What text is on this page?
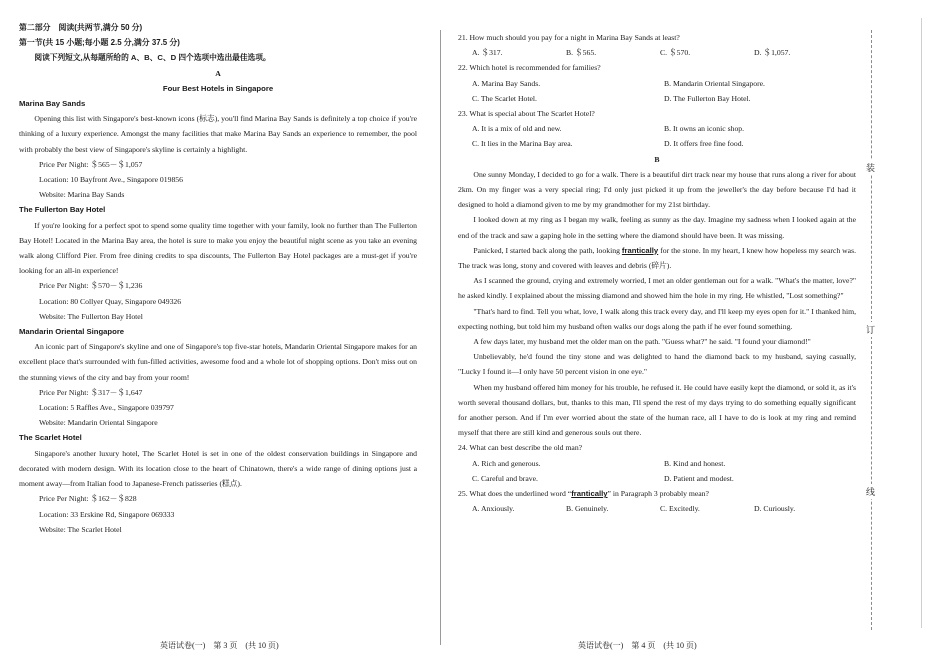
第二部分　阅读(共两节,满分 50 分)

第一节(共 15 小题;每小题 2.5 分,满分 37.5 分)

阅读下列短文,从每题所给的 A、B、C、D 四个选项中选出最佳选项。

A

Four Best Hotels in Singapore

Marina Bay Sands

Opening this list with Singapore's best-known icons (标志), you'll find Marina Bay Sands is definitely a top choice if you're thinking of a luxury experience. Amongst the many facilities that make Marina Bay Sands an experience to remember, the pool with probably the best view of Singapore's skyline is certainly a highlight.

Price Per Night: ＄565－＄1,057

Location: 10 Bayfront Ave., Singapore 019856

Website: Marina Bay Sands

The Fullerton Bay Hotel

If you're looking for a perfect spot to spend some quality time together with your family, look no further than The Fullerton Bay Hotel! Located in the Marina Bay area, the hotel is sure to make you enjoy the beautiful night scene as you take an evening walk along Clifford Pier. From free dining credits to spa discounts, The Fullerton Bay Hotel packages are a must-get if you're looking for an all-in experience!

Price Per Night: ＄570－＄1,236

Location: 80 Collyer Quay, Singapore 049326

Website: The Fullerton Bay Hotel

Mandarin Oriental Singapore

An iconic part of Singapore's skyline and one of Singapore's top five-star hotels, Mandarin Oriental Singapore makes for an excellent place that's surrounded with fun-filled activities, awesome food and a whole lot of shopping options. Don't miss out on the stunning views of the city and bay from your room!

Price Per Night: ＄317－＄1,647

Location: 5 Raffles Ave., Singapore 039797

Website: Mandarin Oriental Singapore

The Scarlet Hotel

Singapore's another luxury hotel, The Scarlet Hotel is set in one of the oldest conservation buildings in Singapore and decorated with modern design. With its location close to the heart of Chinatown, there's a wide range of dining options just a moment away—from Italian food to Japanese-French patisseries (糕点).

Price Per Night: ＄162－＄828

Location: 33 Erskine Rd, Singapore 069333

Website: The Scarlet Hotel

21. How much should you pay for a night in Marina Bay Sands at least?

A. ＄317.	B. ＄565.	C. ＄570.	D. ＄1,057.

22. Which hotel is recommended for families?

A. Marina Bay Sands.	B. Mandarin Oriental Singapore.
C. The Scarlet Hotel.	D. The Fullerton Bay Hotel.

23. What is special about The Scarlet Hotel?

A. It is a mix of old and new.	B. It owns an iconic shop.
C. It lies in the Marina Bay area.	D. It offers free fine food.

B

One sunny Monday, I decided to go for a walk. There is a beautiful dirt track near my house that runs along a river for about 2km. On my finger was a very special ring; I'd only just picked it up from the jeweller's the day before because I'd had it designed to hold a diamond given to me by my grandmother for my 21st birthday.

I looked down at my ring as I began my walk, feeling as sunny as the day. Imagine my sadness when I looked again at the end of the track and saw a gaping hole in the setting where the diamond should have been. It was missing.

Panicked, I started back along the path, looking frantically for the stone. In my heart, I knew how hopeless my search was. The track was long, stony and covered with leaves and debris (碎片).

As I scanned the ground, crying and extremely worried, I met an older gentleman out for a walk. "What's the matter, love?" he asked kindly. I explained about the missing diamond and showed him the hole in my ring. He whistled, "Lost something?"

"That's hard to find. Tell you what, love, I walk along this track every day, and I'll keep my eyes open for it." I thanked him, expecting nothing, but told him my husband often walks our dogs along the path if he ever found something.

A few days later, my husband met the older man on the path. "Guess what?" he said. "I found your diamond!"

Unbelievably, he'd found the tiny stone and was delighted to hand the diamond back to my husband, saying casually, "Lucky I found it—I only have 50 percent vision in one eye."

When my husband offered him money for his trouble, he refused it. He could have easily kept the diamond, or sold it, as it's worth several thousand dollars, but, thanks to this man, I'll spend the rest of my days trying to do something equally significant for another person. And if I'm ever worried about the state of the human race, all I have to do is look at my ring and remind myself that there are still kind and generous souls out there.

24. What can best describe the old man?

A. Rich and generous.	B. Kind and honest.
C. Careful and brave.	D. Patient and modest.

25. What does the underlined word “frantically” in Paragraph 3 probably mean?

A. Anxiously.	B. Genuinely.	C. Excitedly.	D. Curiously.
装
订
线
英语试卷(一)　第 3 页　(共 10 页)	英语试卷(一)　第 4 页　(共 10 页)
